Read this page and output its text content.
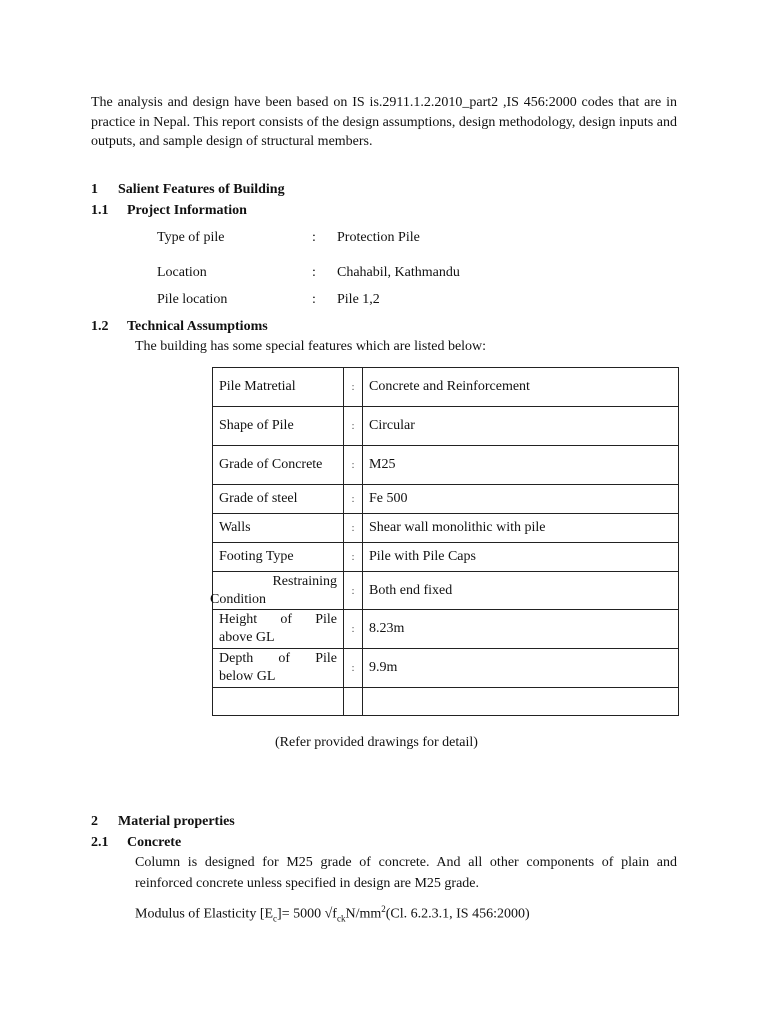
The analysis and design have been based on IS is.2911.1.2.2010_part2 ,IS 456:2000 codes that are in practice in Nepal. This report consists of the design assumptions, design methodology, design inputs and outputs, and sample design of structural members.
1 Salient Features of Building
1.1 Project Information
Type of pile	: Protection Pile
Location	: Chahabil, Kathmandu
Pile location	: Pile 1,2
1.2 Technical Assumptioms
The building has some special features which are listed below:
Pile Matretial	:	Concrete and Reinforcement
Shape of Pile	:	Circular
Grade of Concrete	:	M25
Grade of steel	:	Fe 500
Walls	:	Shear wall monolithic with pile
Footing Type	:	Pile with Pile Caps

Restraining
Condition	:	Both end fixed

Height of Pile
above GL	:	8.23m

Depth of Pile
below GL	:	9.9m

(Refer provided drawings for detail)
2 Material properties
2.1 Concrete
Column is designed for M25 grade of concrete. And all other components of plain and reinforced concrete unless specified in design are M25 grade.
Modulus of Elasticity $[E_c]= 5000$ $√f_{ck}N/mm^2(Cl$. 6.2.3.1, IS 456:2000)
